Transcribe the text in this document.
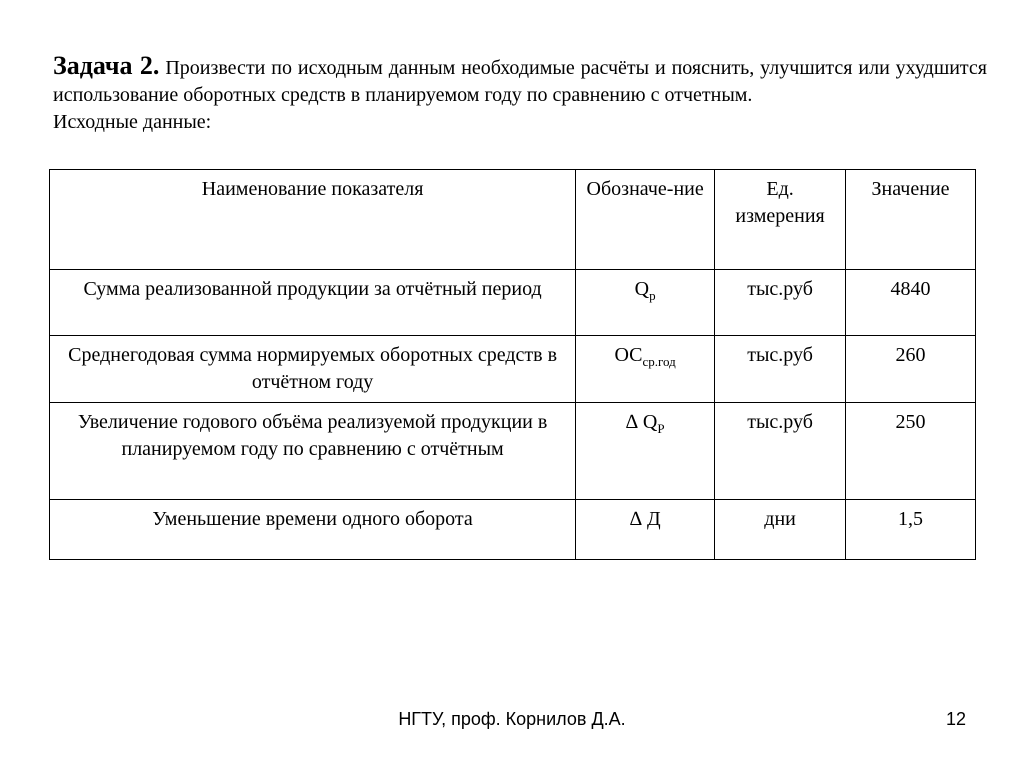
Задача 2. Произвести по исходным данным необходимые расчёты и пояснить, улучшится или ухудшится использование оборотных средств в планируемом году по сравнению с отчетным.

Исходные данные:

Наименование показателя	Обозначе-ние	Ед. измерения	Значение
Сумма реализованной продукции за отчётный период	$Q_р$	тыс.руб	4840
Среднегодовая сумма нормируемых оборотных средств в отчётном году	$ОС_{ср.год}$	тыс.руб	260
Увеличение годового объёма реализуемой продукции в планируемом году по сравнению с отчётным	∆ $Q_Р$	тыс.руб	250
Уменьшение времени одного оборота	∆ Д	дни	1,5
НГТУ, проф. Корнилов Д.А.	12
